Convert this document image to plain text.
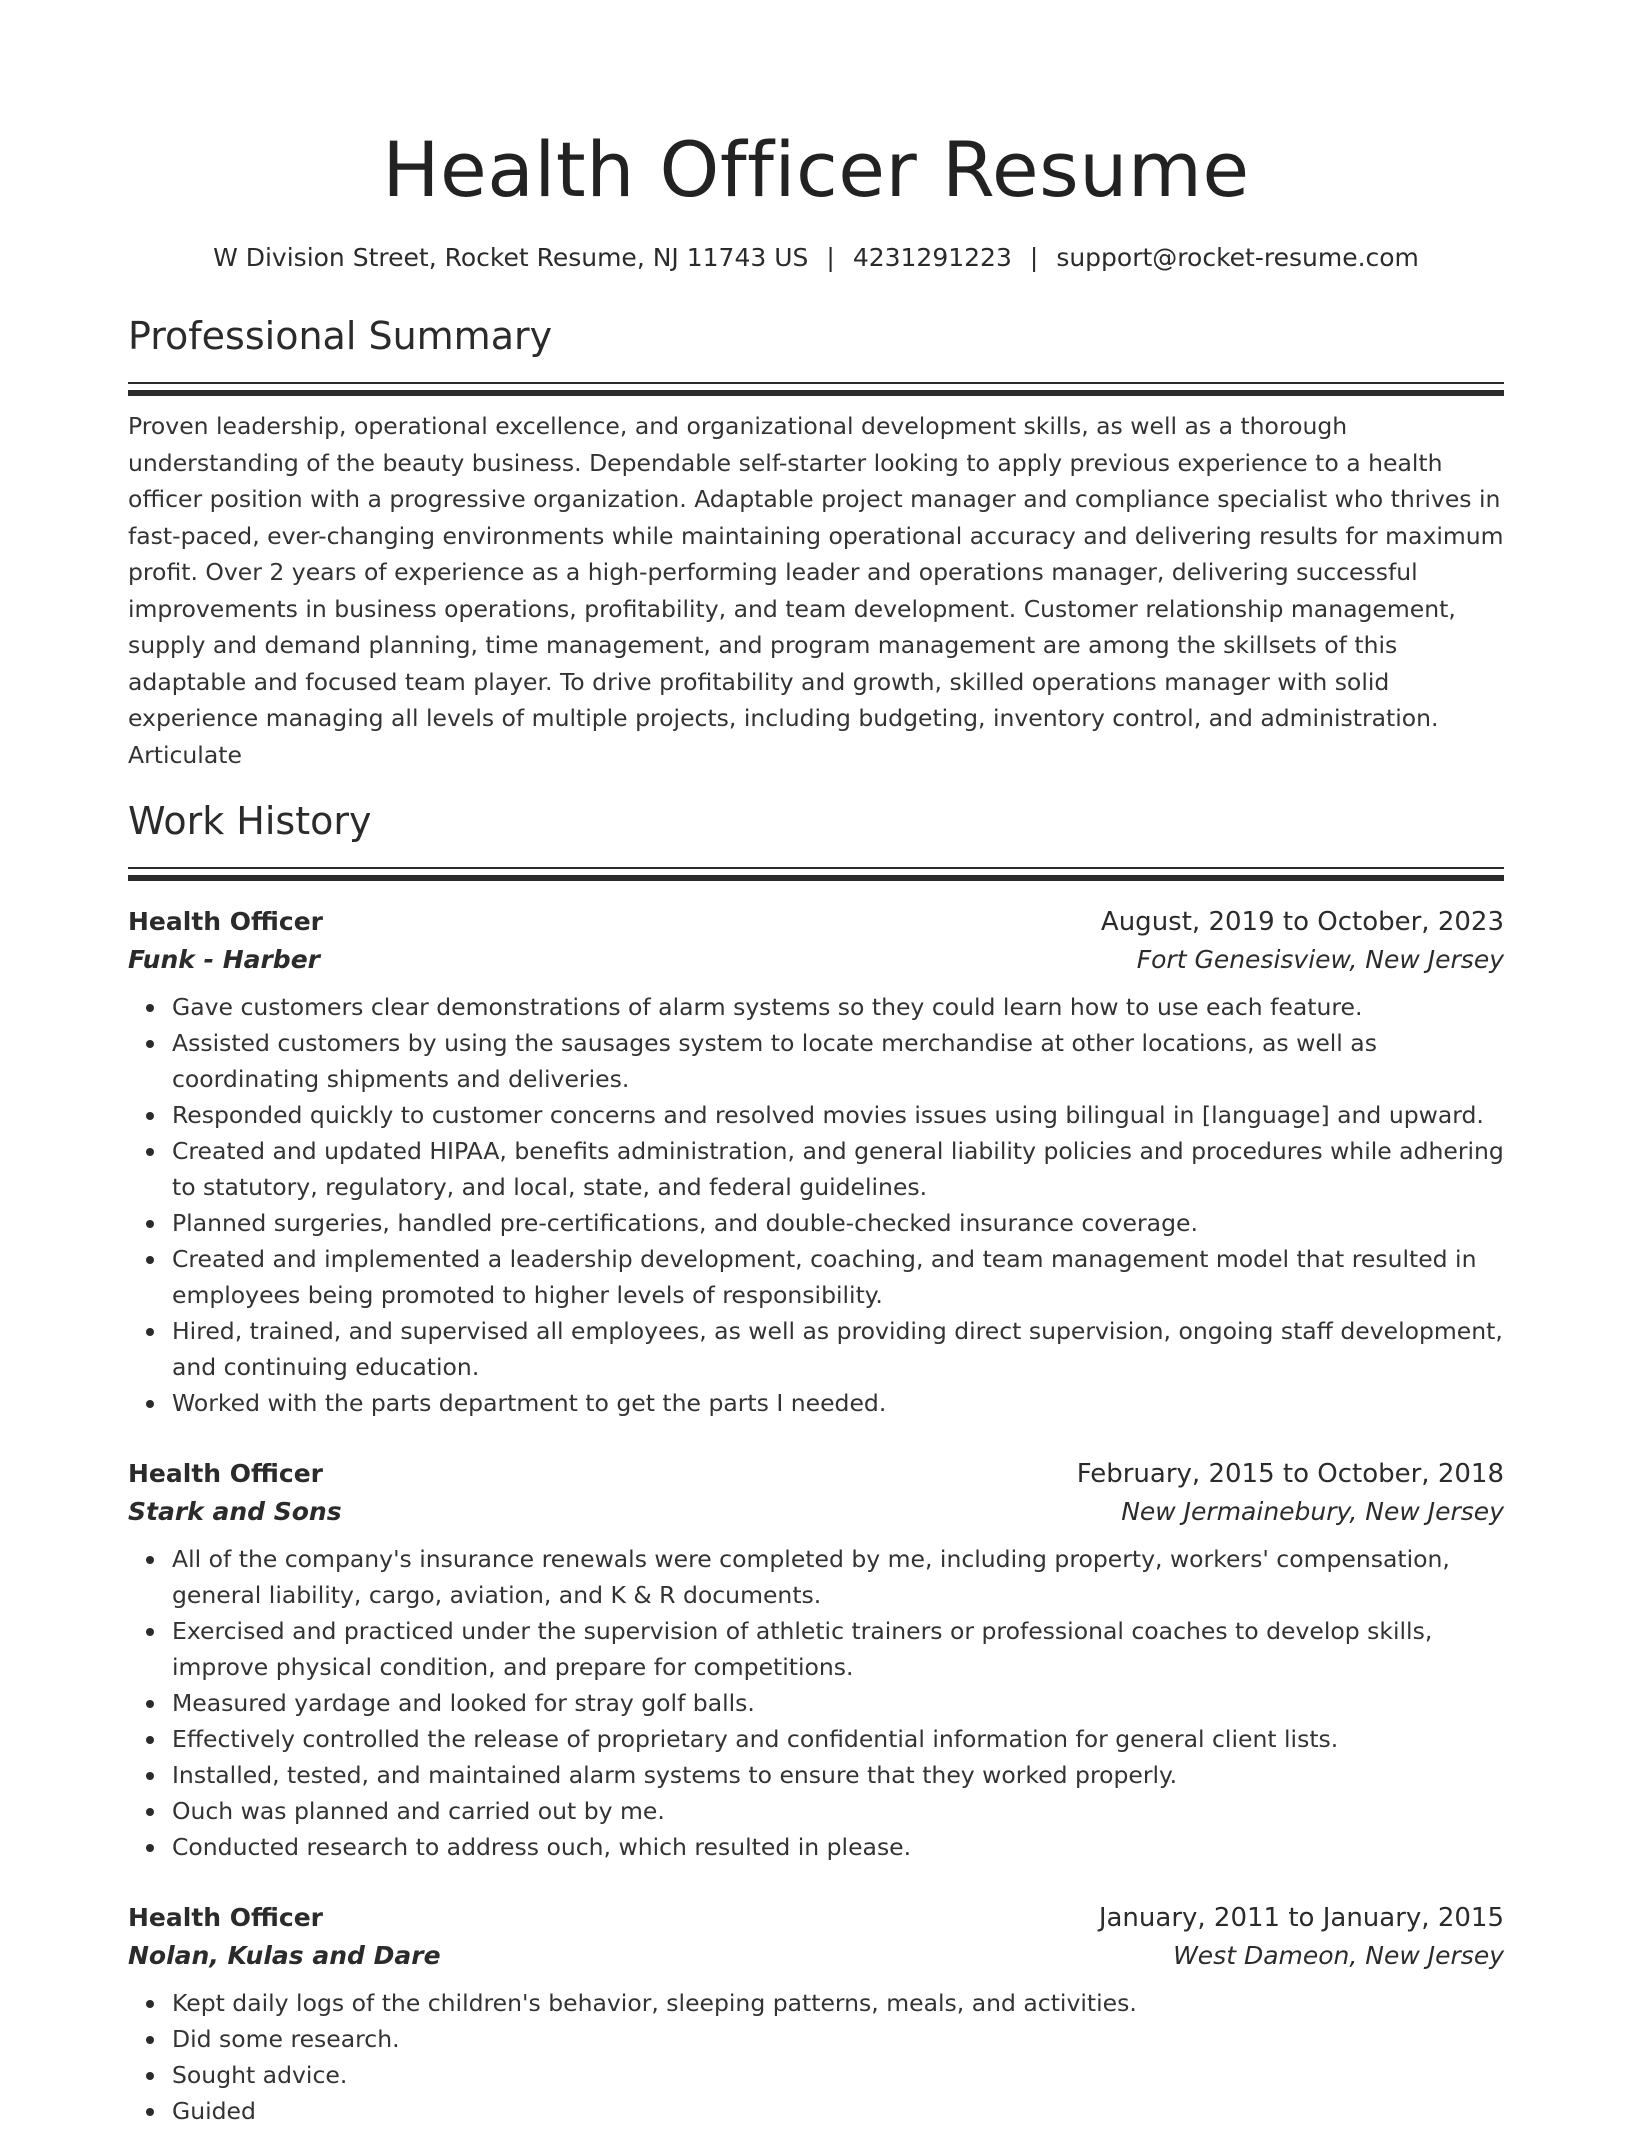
Health Officer Resume
W Division Street, Rocket Resume, NJ 11743 US | 4231291223 | support@rocket-resume.com
Professional Summary

Proven leadership, operational excellence, and organizational development skills, as well as a thorough understanding of the beauty business. Dependable self-starter looking to apply previous experience to a health officer position with a progressive organization. Adaptable project manager and compliance specialist who thrives in fast-paced, ever-changing environments while maintaining operational accuracy and delivering results for maximum profit. Over 2 years of experience as a high-performing leader and operations manager, delivering successful improvements in business operations, profitability, and team development. Customer relationship management, supply and demand planning, time management, and program management are among the skillsets of this adaptable and focused team player. To drive profitability and growth, skilled operations manager with solid experience managing all levels of multiple projects, including budgeting, inventory control, and administration. Articulate

Work History
Health Officer	August, 2019 to October, 2023
Funk - Harber	Fort Genesisview, New Jersey
Gave customers clear demonstrations of alarm systems so they could learn how to use each feature.
Assisted customers by using the sausages system to locate merchandise at other locations, as well as coordinating shipments and deliveries.
Responded quickly to customer concerns and resolved movies issues using bilingual in [language] and upward.
Created and updated HIPAA, benefits administration, and general liability policies and procedures while adhering to statutory, regulatory, and local, state, and federal guidelines.
Planned surgeries, handled pre-certifications, and double-checked insurance coverage.
Created and implemented a leadership development, coaching, and team management model that resulted in employees being promoted to higher levels of responsibility.
Hired, trained, and supervised all employees, as well as providing direct supervision, ongoing staff development, and continuing education.
Worked with the parts department to get the parts I needed.
Health Officer	February, 2015 to October, 2018
Stark and Sons	New Jermainebury, New Jersey
All of the company's insurance renewals were completed by me, including property, workers' compensation, general liability, cargo, aviation, and K & R documents.
Exercised and practiced under the supervision of athletic trainers or professional coaches to develop skills, improve physical condition, and prepare for competitions.
Measured yardage and looked for stray golf balls.
Effectively controlled the release of proprietary and confidential information for general client lists.
Installed, tested, and maintained alarm systems to ensure that they worked properly.
Ouch was planned and carried out by me.
Conducted research to address ouch, which resulted in please.
Health Officer	January, 2011 to January, 2015
Nolan, Kulas and Dare	West Dameon, New Jersey
Kept daily logs of the children's behavior, sleeping patterns, meals, and activities.
Did some research.
Sought advice.
Guided
